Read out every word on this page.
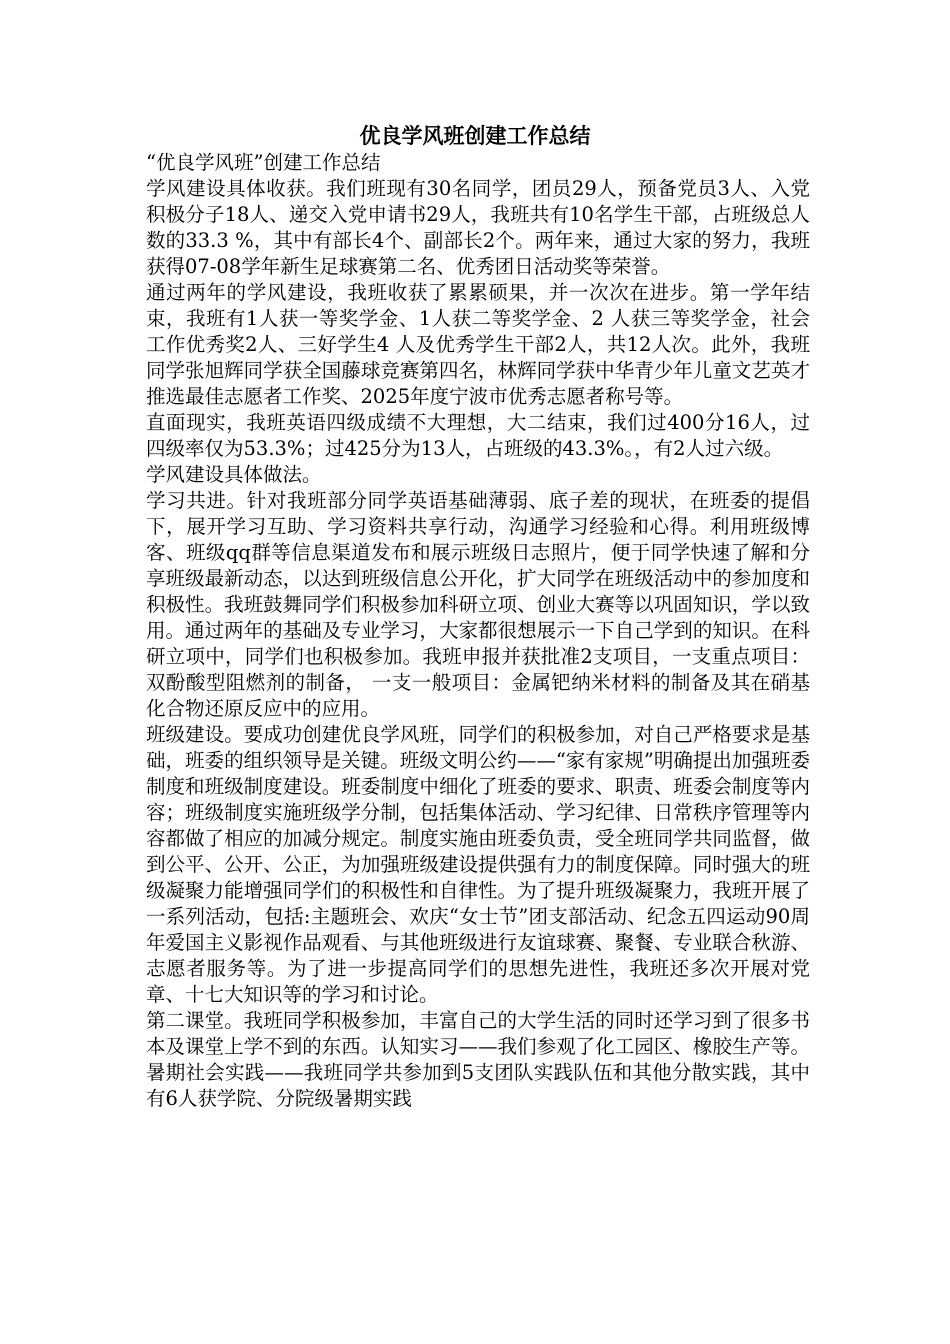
优良学风班创建工作总结

“优良学风班”创建工作总结

学风建设具体收获。我们班现有30名同学，团员29人，预备党员3人、入党积极分子18人、递交入党申请书29人，我班共有10名学生干部，占班级总人数的33.3 %，其中有部长4个、副部长2个。两年来，通过大家的努力，我班获得07-08学年新生足球赛第二名、优秀团日活动奖等荣誉。

通过两年的学风建设，我班收获了累累硕果，并一次次在进步。第一学年结束，我班有1人获一等奖学金、1人获二等奖学金、2 人获三等奖学金，社会工作优秀奖2人、三好学生4 人及优秀学生干部2人，共12人次。此外，我班同学张旭辉同学获全国藤球竞赛第四名，林辉同学获中华青少年儿童文艺英才推选最佳志愿者工作奖、2025年度宁波市优秀志愿者称号等。

直面现实，我班英语四级成绩不大理想，大二结束，我们过400分16人，过四级率仅为53.3%；过425分为13人，占班级的43.3%。，有2人过六级。

学风建设具体做法。

学习共进。针对我班部分同学英语基础薄弱、底子差的现状，在班委的提倡下，展开学习互助、学习资料共享行动，沟通学习经验和心得。利用班级博客、班级qq群等信息渠道发布和展示班级日志照片，便于同学快速了解和分享班级最新动态，以达到班级信息公开化，扩大同学在班级活动中的参加度和积极性。我班鼓舞同学们积极参加科研立项、创业大赛等以巩固知识，学以致用。通过两年的基础及专业学习，大家都很想展示一下自己学到的知识。在科研立项中，同学们也积极参加。我班申报并获批准2支项目，一支重点项目：双酚酸型阻燃剂的制备， 一支一般项目：金属钯纳米材料的制备及其在硝基化合物还原反应中的应用。

班级建设。要成功创建优良学风班，同学们的积极参加，对自己严格要求是基础，班委的组织领导是关键。班级文明公约——“家有家规”明确提出加强班委制度和班级制度建设。班委制度中细化了班委的要求、职责、班委会制度等内容；班级制度实施班级学分制，包括集体活动、学习纪律、日常秩序管理等内容都做了相应的加减分规定。制度实施由班委负责，受全班同学共同监督，做到公平、公开、公正，为加强班级建设提供强有力的制度保障。同时强大的班级凝聚力能增强同学们的积极性和自律性。为了提升班级凝聚力，我班开展了一系列活动，包括:主题班会、欢庆“女士节”团支部活动、纪念五四运动90周年爱国主义影视作品观看、与其他班级进行友谊球赛、聚餐、专业联合秋游、志愿者服务等。为了进一步提高同学们的思想先进性，我班还多次开展对党章、十七大知识等的学习和讨论。

第二课堂。我班同学积极参加，丰富自己的大学生活的同时还学习到了很多书本及课堂上学不到的东西。认知实习——我们参观了化工园区、橡胶生产等。暑期社会实践——我班同学共参加到5支团队实践队伍和其他分散实践，其中有6人获学院、分院级暑期实践
